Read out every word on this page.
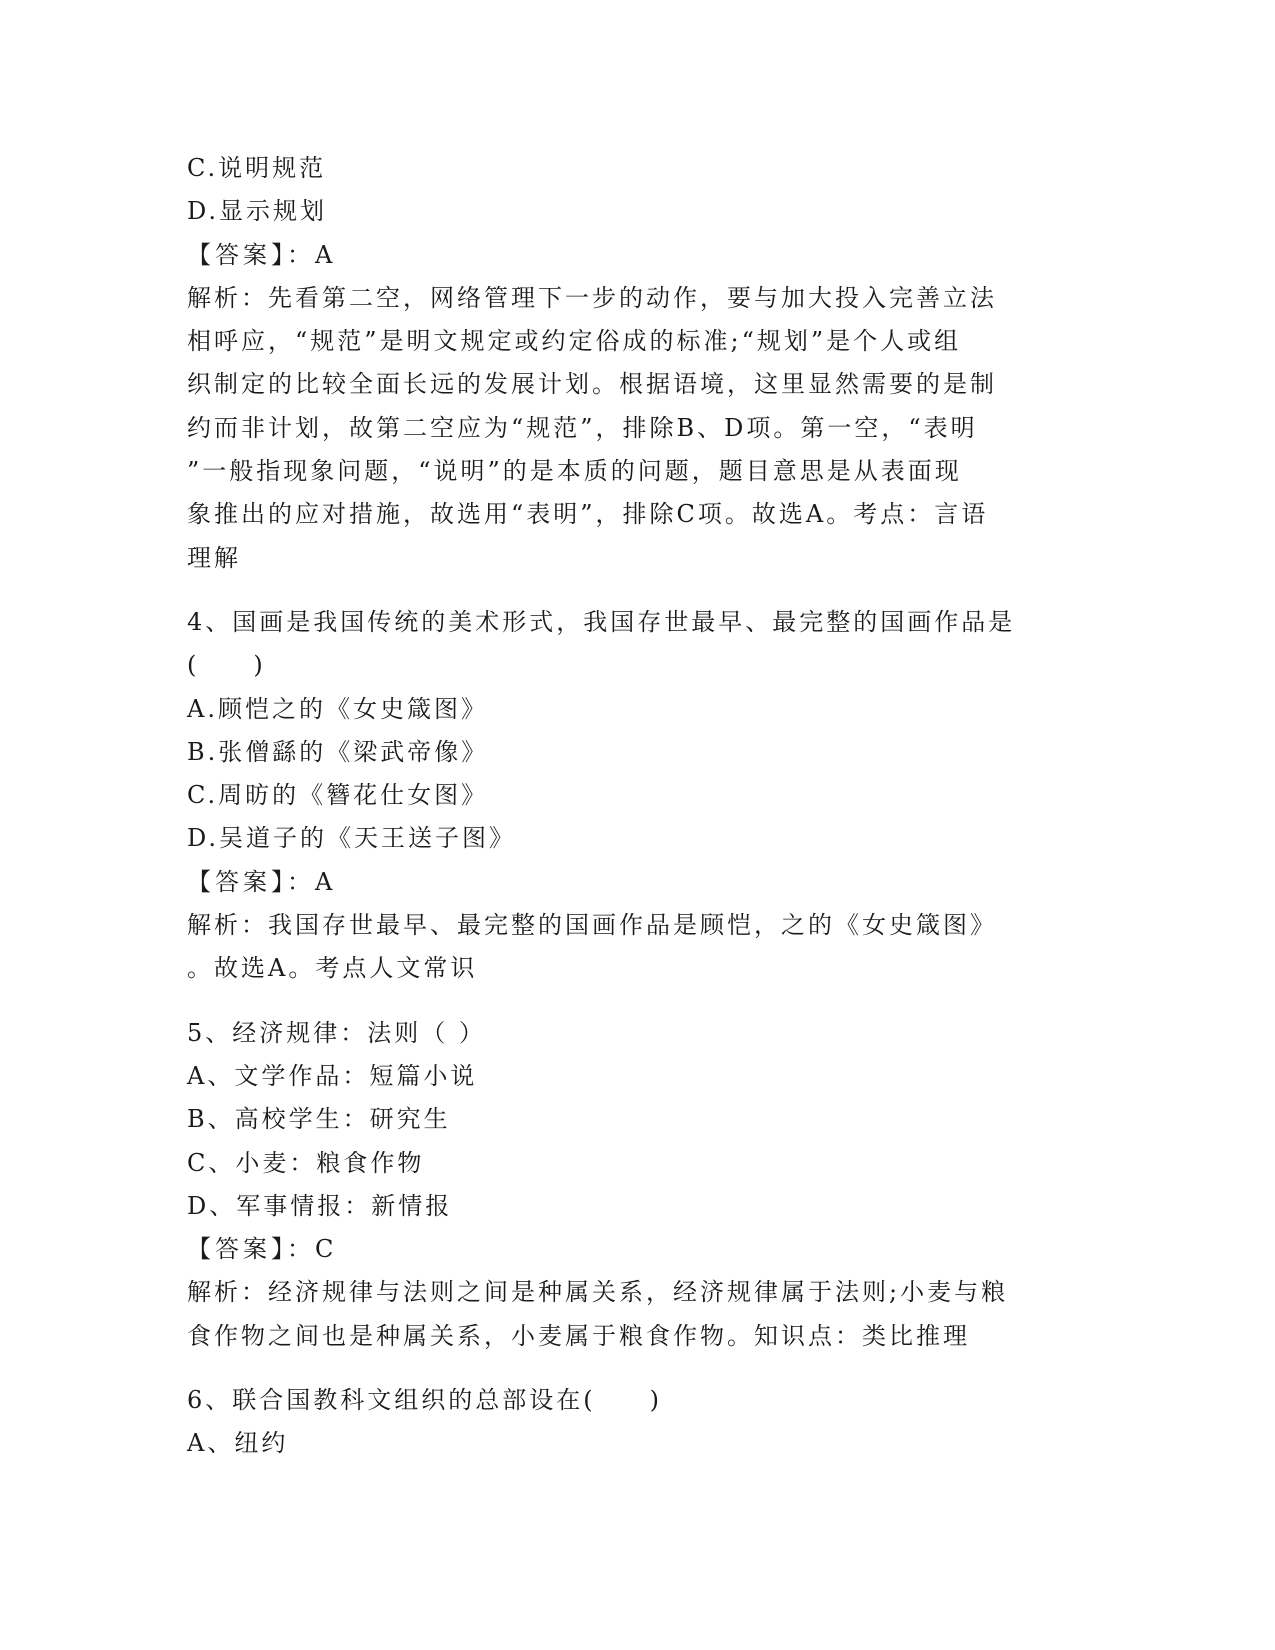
C.说明规范
D.显示规划
【答案】：A
解析：先看第二空，网络管理下一步的动作，要与加大投入完善立法
相呼应，“规范”是明文规定或约定俗成的标准;“规划”是个人或组
织制定的比较全面长远的发展计划。根据语境，这里显然需要的是制
约而非计划，故第二空应为“规范”，排除B、D项。第一空，“表明
”一般指现象问题，“说明”的是本质的问题，题目意思是从表面现
象推出的应对措施，故选用“表明”，排除C项。故选A。考点：言语
理解
4、国画是我国传统的美术形式，我国存世最早、最完整的国画作品是
(　　)
A.顾恺之的《女史箴图》
B.张僧繇的《梁武帝像》
C.周昉的《簪花仕女图》
D.吴道子的《天王送子图》
【答案】：A
解析：我国存世最早、最完整的国画作品是顾恺，之的《女史箴图》
。故选A。考点人文常识
5、经济规律：法则（ ）
A、文学作品：短篇小说
B、高校学生：研究生
C、小麦：粮食作物
D、军事情报：新情报
【答案】：C
解析：经济规律与法则之间是种属关系，经济规律属于法则;小麦与粮
食作物之间也是种属关系，小麦属于粮食作物。知识点：类比推理
6、联合国教科文组织的总部设在(　　)
A、纽约
